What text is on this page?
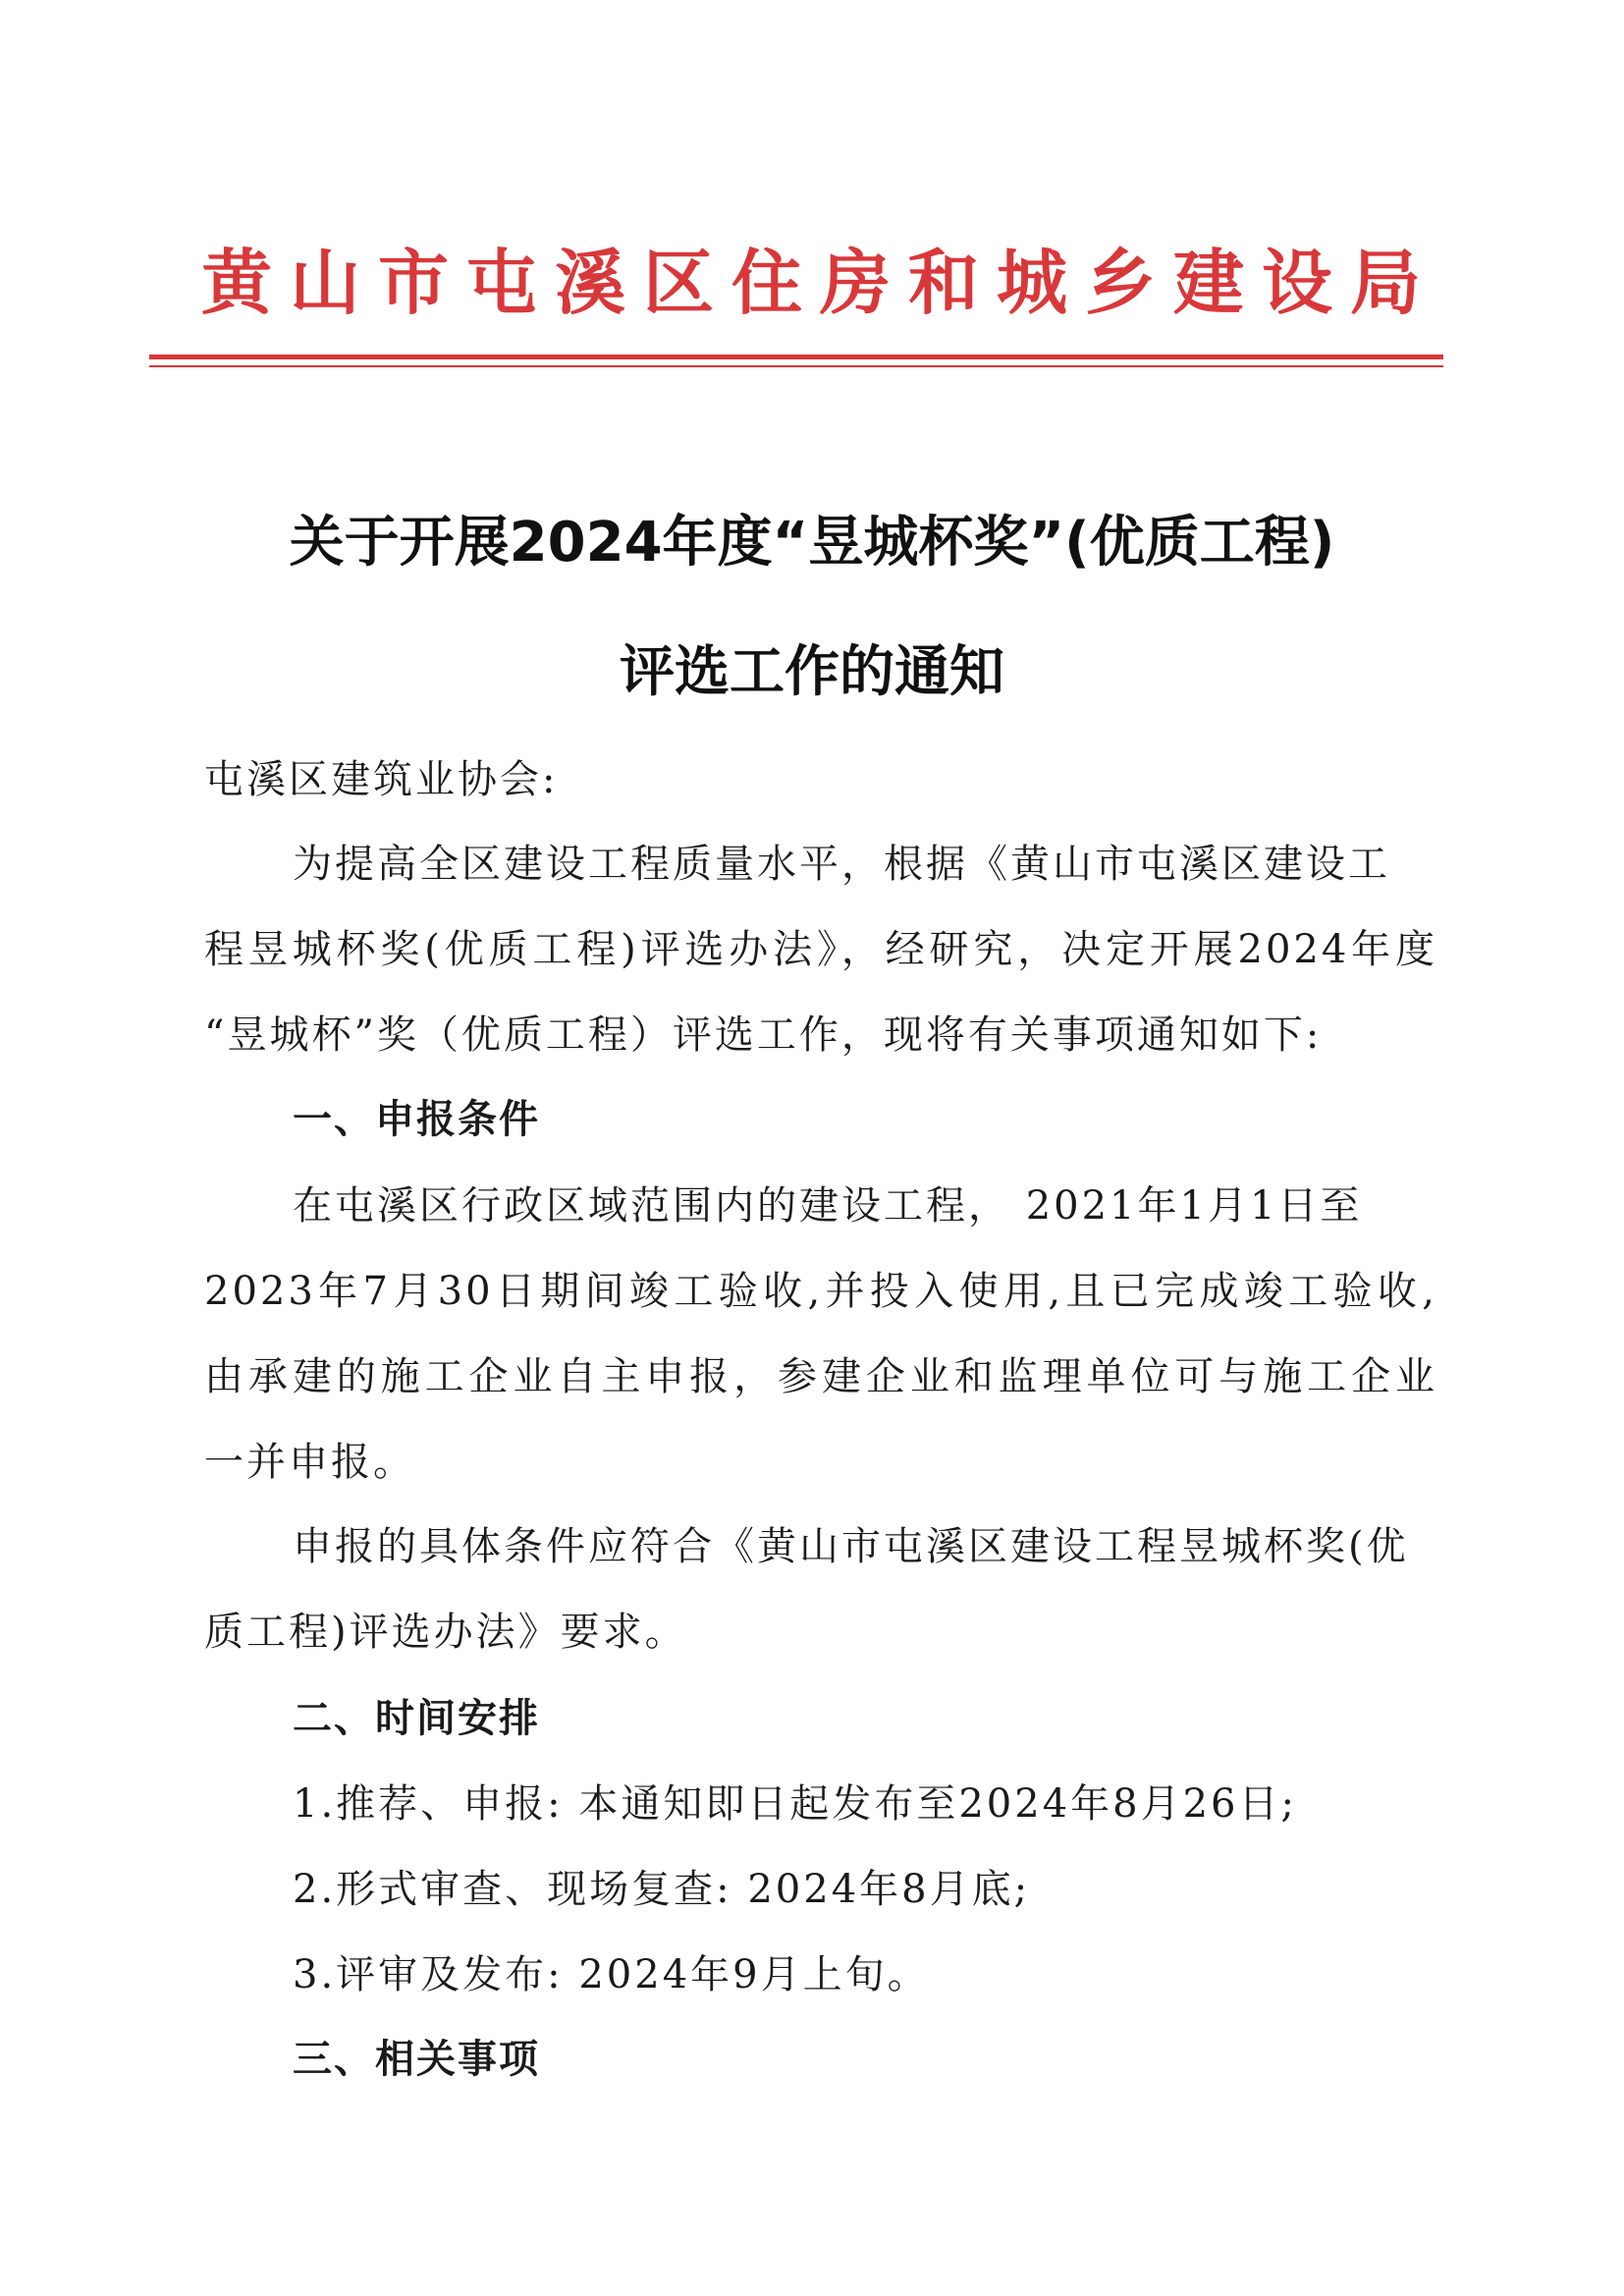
黄山市屯溪区住房和城乡建设局
关于开展2024年度“昱城杯奖”(优质工程)
评选工作的通知
屯溪区建筑业协会:
为提高全区建设工程质量水平，根据《黄山市屯溪区建设工
程昱城杯奖(优质工程)评选办法》，经研究，决定开展2024年度
“昱城杯”奖（优质工程）评选工作，现将有关事项通知如下:
一、申报条件
在屯溪区行政区域范围内的建设工程， 2021年1月1日至
2023年7月30日期间竣工验收,并投入使用,且已完成竣工验收,
由承建的施工企业自主申报，参建企业和监理单位可与施工企业
一并申报。
申报的具体条件应符合《黄山市屯溪区建设工程昱城杯奖(优
质工程)评选办法》要求。
二、时间安排
1.推荐、申报: 本通知即日起发布至2024年8月26日;
2.形式审查、现场复查: 2024年8月底;
3.评审及发布: 2024年9月上旬。
三、相关事项
